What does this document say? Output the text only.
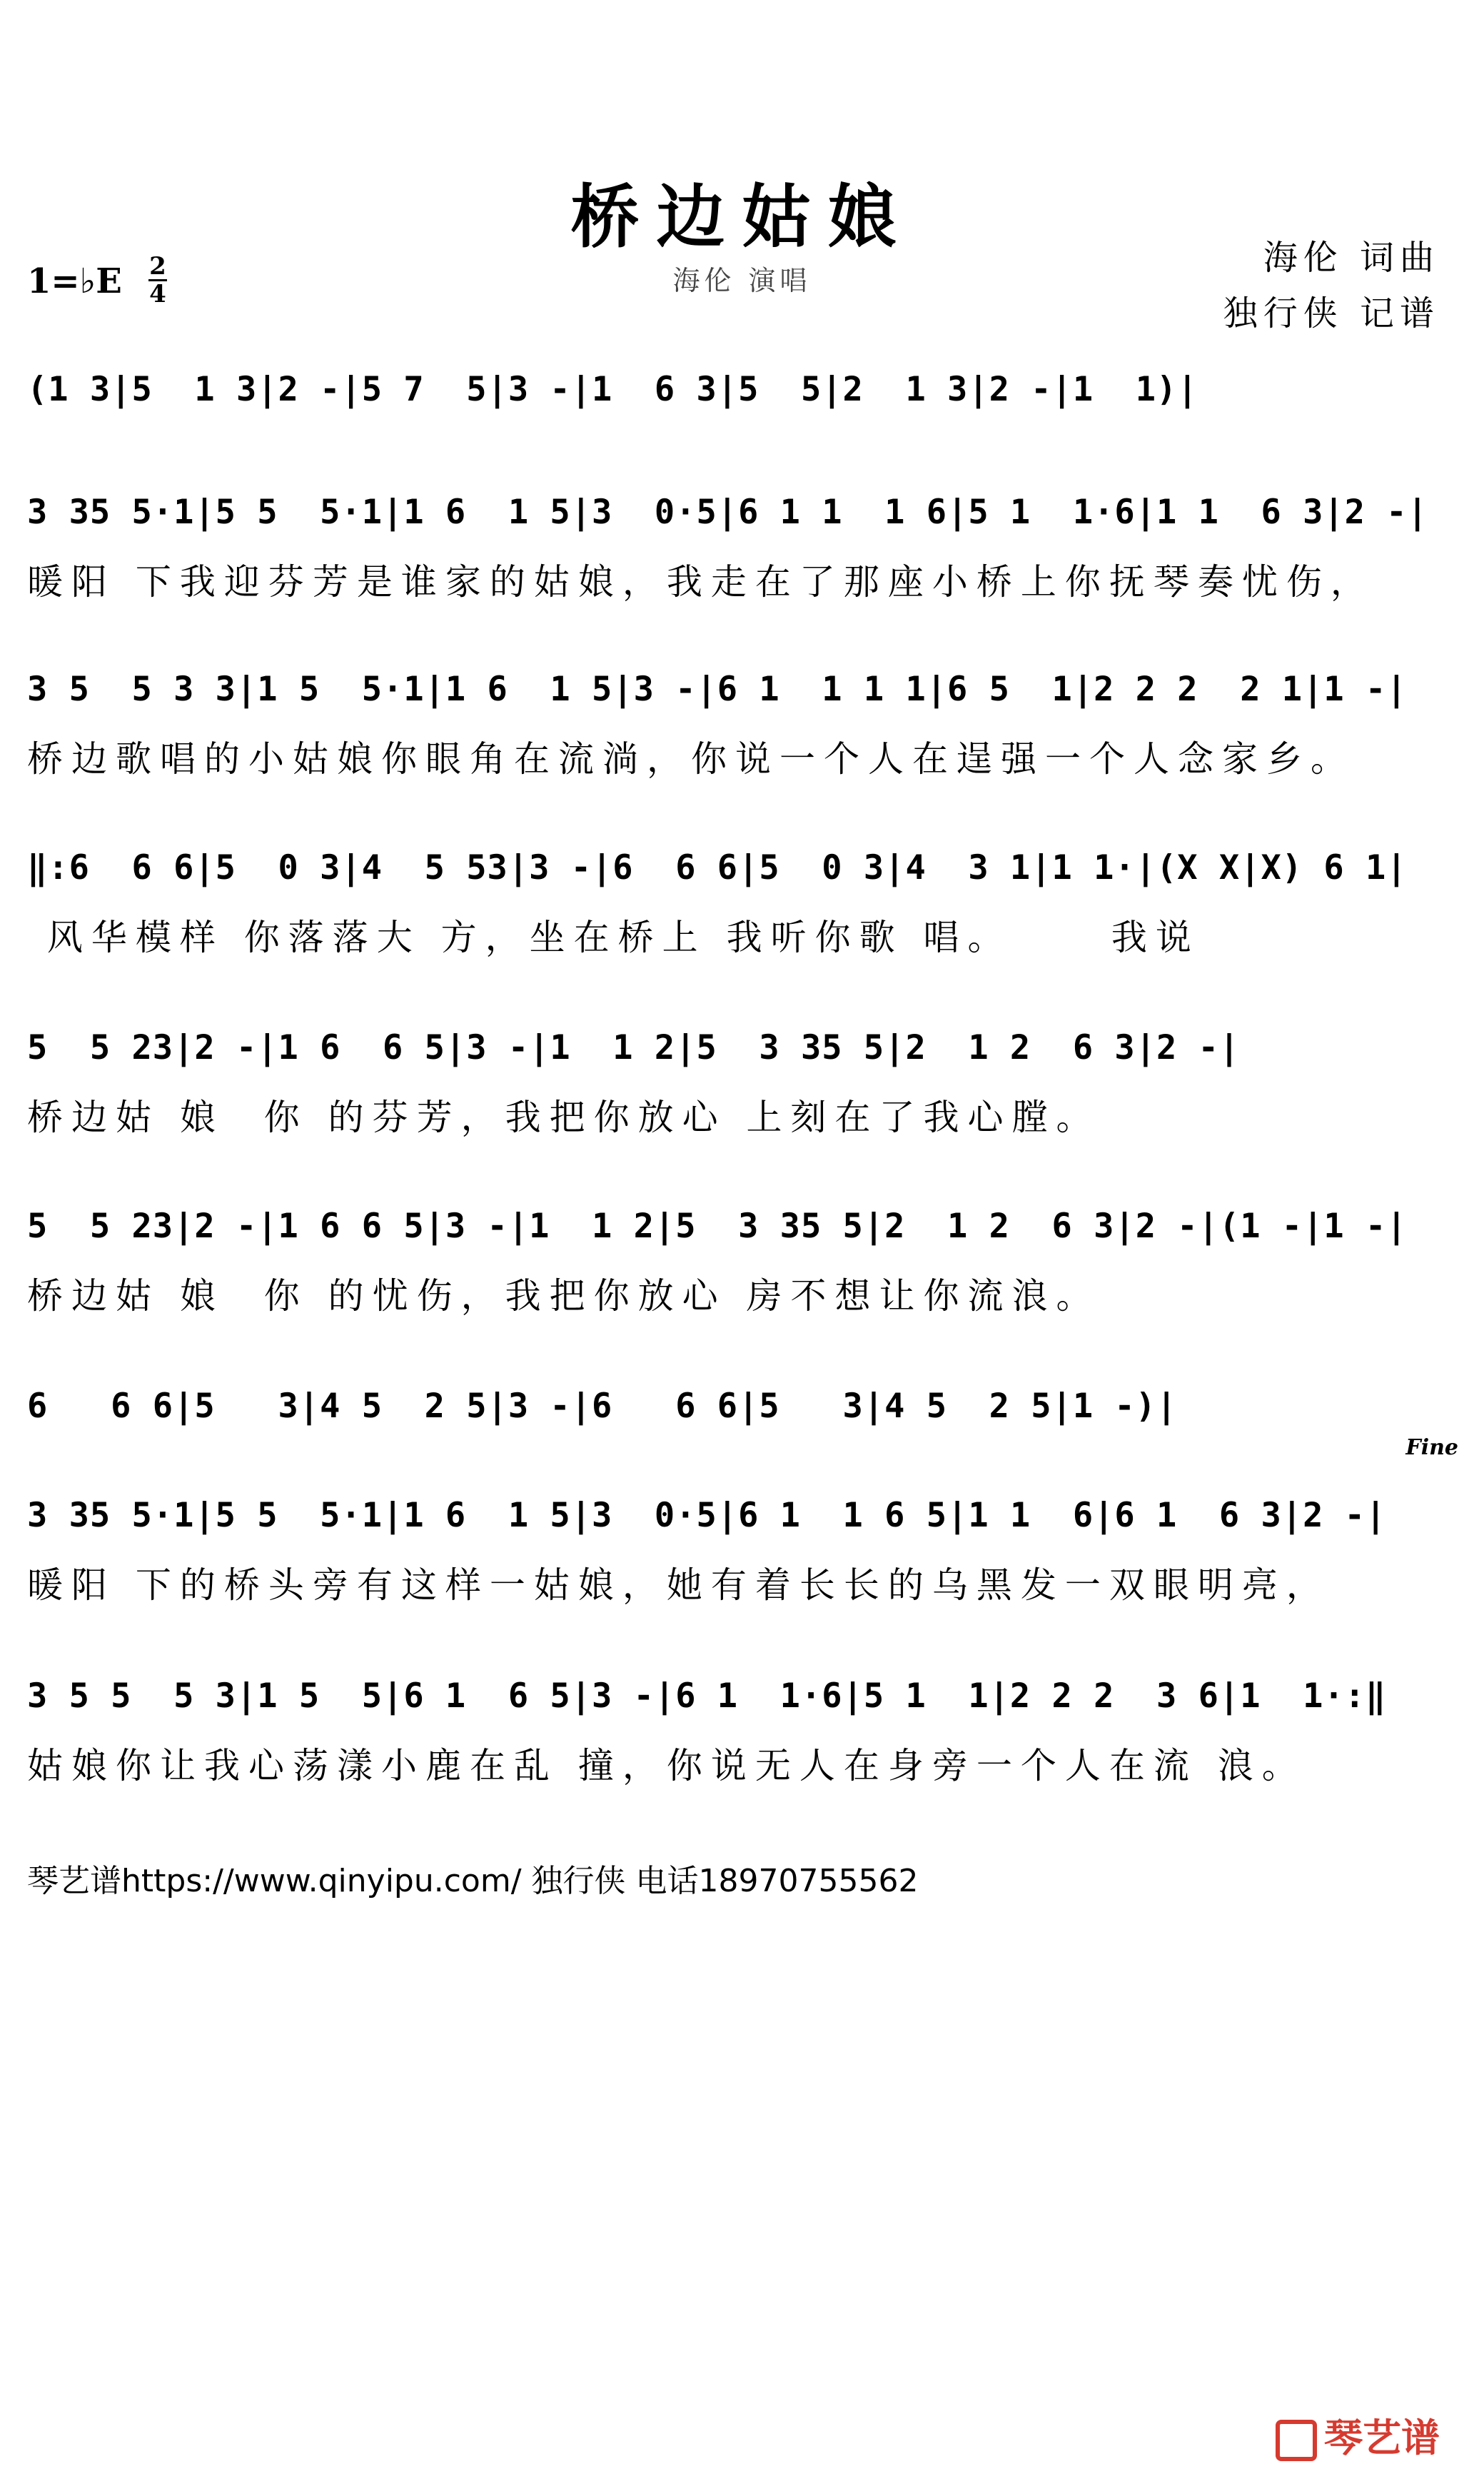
桥边姑娘
海伦 演唱
海伦 词曲
独行侠 记谱
1=♭E 2
4
(1 3|5  1 3|2 -|5 7  5|3 -|1  6 3|5  5|2  1 3|2 -|1  1)|
3 35 5·1|5 5  5·1|1 6  1 5|3  0·5|6 1 1  1 6|5 1  1·6|1 1  6 3|2 -|
暖阳 下我迎芬芳是谁家的姑娘，我走在了那座小桥上你抚琴奏忧伤，
3 5  5 3 3|1 5  5·1|1 6  1 5|3 -|6 1  1 1 1|6 5  1|2 2 2  2 1|1 -|
桥边歌唱的小姑娘你眼角在流淌，你说一个人在逞强一个人念家乡。
‖:6  6 6|5  0 3|4  5 53|3 -|6  6 6|5  0 3|4  3 1|1 1·|(X X|X) 6 1|
风华模样 你落落大 方，坐在桥上 我听你歌 唱。     我说
5  5 23|2 -|1 6  6 5|3 -|1  1 2|5  3 35 5|2  1 2  6 3|2 -|
桥边姑 娘  你 的芬芳，我把你放心 上刻在了我心膛。
5  5 23|2 -|1 6 6 5|3 -|1  1 2|5  3 35 5|2  1 2  6 3|2 -|(1 -|1 -|
桥边姑 娘  你 的忧伤，我把你放心 房不想让你流浪。
6   6 6|5   3|4 5  2 5|3 -|6   6 6|5   3|4 5  2 5|1 -)|
Fine
3 35 5·1|5 5  5·1|1 6  1 5|3  0·5|6 1  1 6 5|1 1  6|6 1  6 3|2 -|
暖阳 下的桥头旁有这样一姑娘，她有着长长的乌黑发一双眼明亮，
3 5 5  5 3|1 5  5|6 1  6 5|3 -|6 1  1·6|5 1  1|2 2 2  3 6|1  1·:‖
姑娘你让我心荡漾小鹿在乱 撞，你说无人在身旁一个人在流 浪。
琴艺谱https://www.qinyipu.com/ 独行侠 电话18970755562
琴艺谱
